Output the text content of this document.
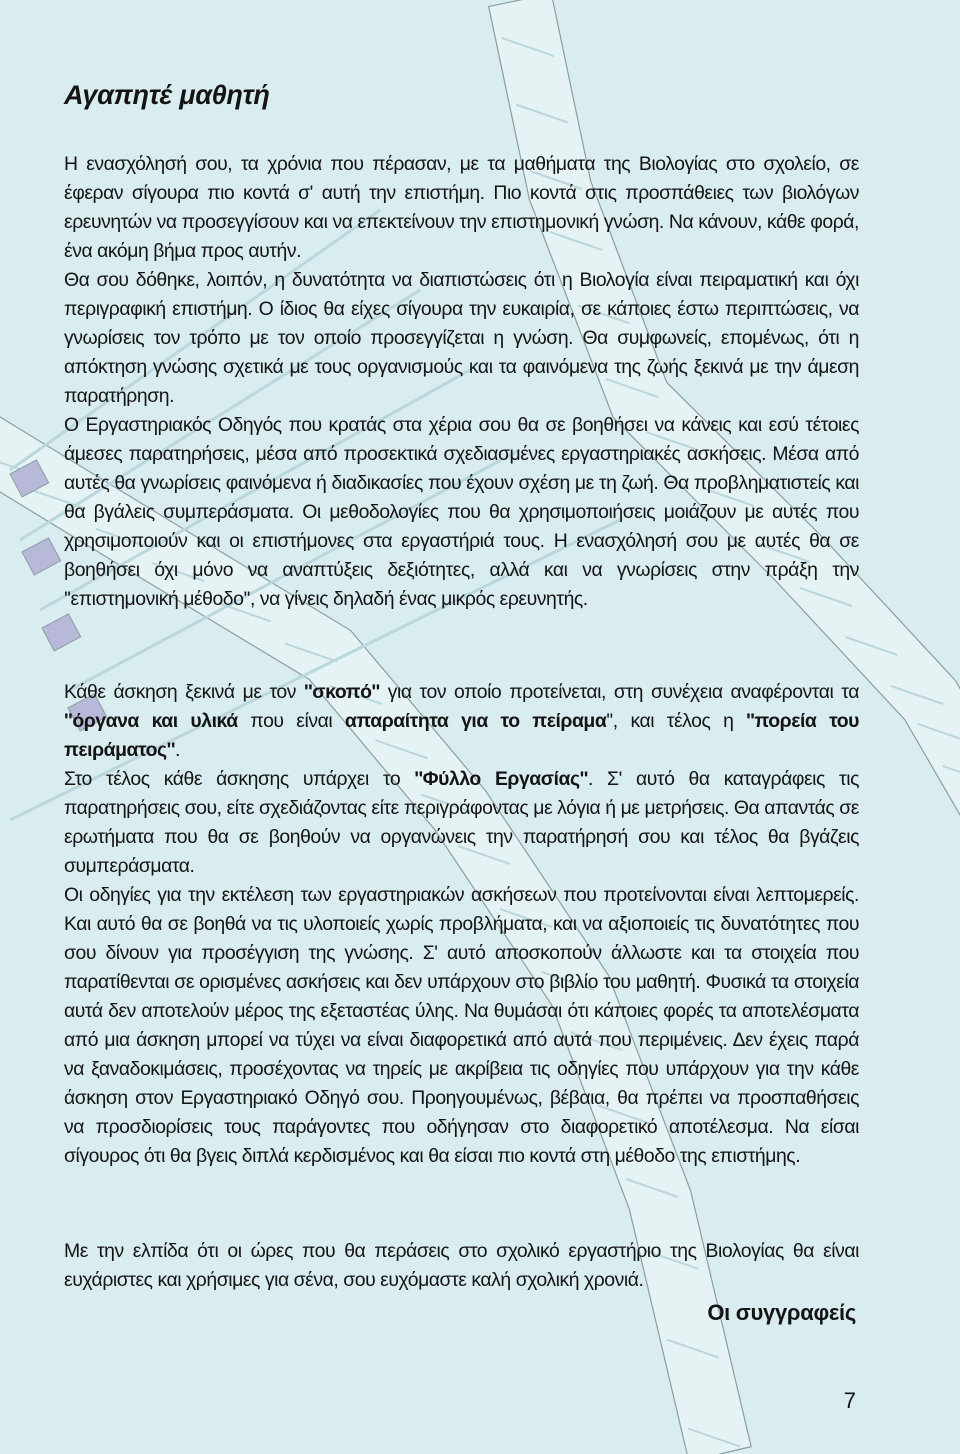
Αγαπητέ μαθητή

Η ενασχόλησή σου, τα χρόνια που πέρασαν, με τα μαθήματα της Βιολογίας στο σχολείο, σε έφεραν σίγουρα πιο κοντά σ' αυτή την επιστήμη. Πιο κοντά στις προσπάθειες των βιολόγων ερευνητών να προσεγγίσουν και να επεκτείνουν την επιστημονική γνώση. Να κάνουν, κάθε φορά, ένα ακόμη βήμα προς αυτήν.

Θα σου δόθηκε, λοιπόν, η δυνατότητα να διαπιστώσεις ότι η Βιολογία είναι πειραματική και όχι περιγραφική επιστήμη. Ο ίδιος θα είχες σίγουρα την ευκαιρία, σε κάποιες έστω περιπτώσεις, να γνωρίσεις τον τρόπο με τον οποίο προσεγγίζεται η γνώση. Θα συμφωνείς, επομένως, ότι η απόκτηση γνώσης σχετικά με τους οργανισμούς και τα φαινόμενα της ζωής ξεκινά με την άμεση παρατήρηση.

Ο Εργαστηριακός Οδηγός που κρατάς στα χέρια σου θα σε βοηθήσει να κάνεις και εσύ τέτοιες άμεσες παρατηρήσεις, μέσα από προσεκτικά σχεδιασμένες εργαστηριακές ασκήσεις. Μέσα από αυτές θα γνωρίσεις φαινόμενα ή διαδικασίες που έχουν σχέση με τη ζωή. Θα προβληματιστείς και θα βγάλεις συμπεράσματα. Οι μεθοδολογίες που θα χρησιμοποιήσεις μοιάζουν με αυτές που χρησιμοποιούν και οι επιστήμονες στα εργαστήριά τους. Η ενασχόλησή σου με αυτές θα σε βοηθήσει όχι μόνο να αναπτύξεις δεξιότητες, αλλά και να γνωρίσεις στην πράξη την ''επιστημονική μέθοδο'', να γίνεις δηλαδή ένας μικρός ερευνητής.

Κάθε άσκηση ξεκινά με τον ''σκοπό'' για τον οποίο προτείνεται, στη συνέχεια αναφέρονται τα ''όργανα και υλικά που είναι απαραίτητα για το πείραμα'', και τέλος η ''πορεία του πειράματος''.

Στο τέλος κάθε άσκησης υπάρχει το ''Φύλλο Εργασίας''. Σ' αυτό θα καταγράφεις τις παρατηρήσεις σου, είτε σχεδιάζοντας είτε περιγράφοντας με λόγια ή με μετρήσεις. Θα απαντάς σε ερωτήματα που θα σε βοηθούν να οργανώνεις την παρατήρησή σου και τέλος θα βγάζεις συμπεράσματα.

Οι οδηγίες για την εκτέλεση των εργαστηριακών ασκήσεων που προτείνονται είναι λεπτομερείς. Και αυτό θα σε βοηθά να τις υλοποιείς χωρίς προβλήματα, και να αξιοποιείς τις δυνατότητες που σου δίνουν για προσέγγιση της γνώσης. Σ' αυτό αποσκοπούν άλλωστε και τα στοιχεία που παρατίθενται σε ορισμένες ασκήσεις και δεν υπάρχουν στο βιβλίο του μαθητή. Φυσικά τα στοιχεία αυτά δεν αποτελούν μέρος της εξεταστέας ύλης. Να θυμάσαι ότι κάποιες φορές τα αποτελέσματα από μια άσκηση μπορεί να τύχει να είναι διαφορετικά από αυτά που περιμένεις. Δεν έχεις παρά να ξαναδοκιμάσεις, προσέχοντας να τηρείς με ακρίβεια τις οδηγίες που υπάρχουν για την κάθε άσκηση στον Εργαστηριακό Οδηγό σου. Προηγουμένως, βέβαια, θα πρέπει να προσπαθήσεις να προσδιορίσεις τους παράγοντες που οδήγησαν στο διαφορετικό αποτέλεσμα. Να είσαι σίγουρος ότι θα βγεις διπλά κερδισμένος και θα είσαι πιο κοντά στη μέθοδο της επιστήμης.

Με την ελπίδα ότι οι ώρες που θα περάσεις στο σχολικό εργαστήριο της Βιολογίας θα είναι ευχάριστες και χρήσιμες για σένα, σου ευχόμαστε καλή σχολική χρονιά.

Οι συγγραφείς

7
